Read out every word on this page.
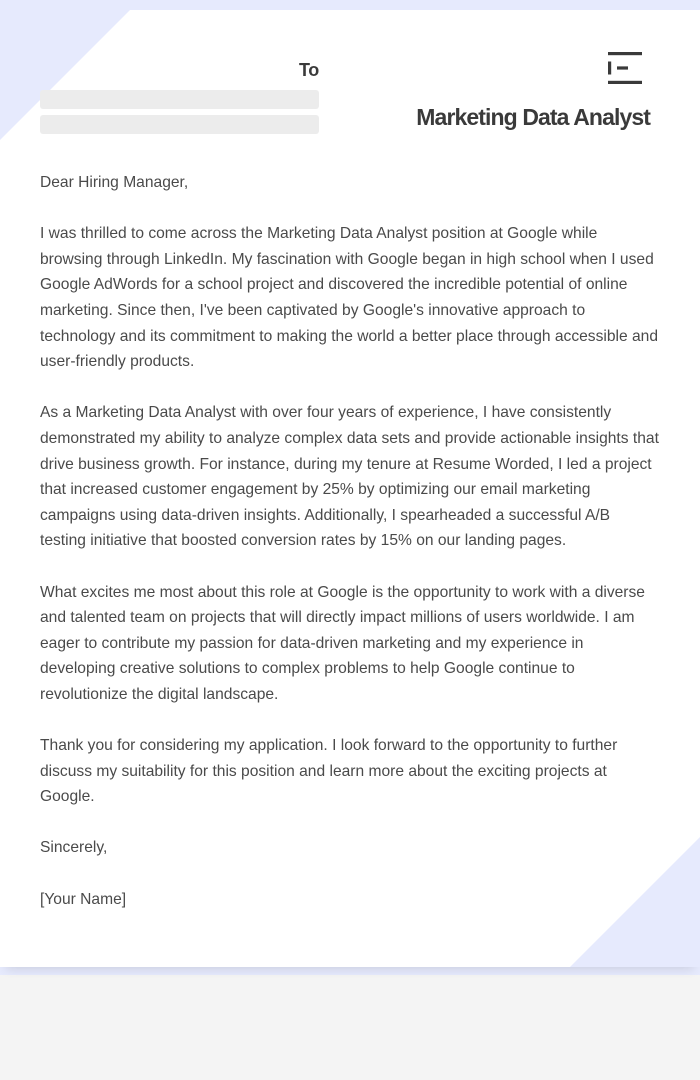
To
Marketing Data Analyst

Dear Hiring Manager,

I was thrilled to come across the Marketing Data Analyst position at Google while browsing through LinkedIn. My fascination with Google began in high school when I used Google AdWords for a school project and discovered the incredible potential of online marketing. Since then, I've been captivated by Google's innovative approach to technology and its commitment to making the world a better place through accessible and user-friendly products.

As a Marketing Data Analyst with over four years of experience, I have consistently demonstrated my ability to analyze complex data sets and provide actionable insights that drive business growth. For instance, during my tenure at Resume Worded, I led a project that increased customer engagement by 25% by optimizing our email marketing campaigns using data-driven insights. Additionally, I spearheaded a successful A/B testing initiative that boosted conversion rates by 15% on our landing pages.

What excites me most about this role at Google is the opportunity to work with a diverse and talented team on projects that will directly impact millions of users worldwide. I am eager to contribute my passion for data-driven marketing and my experience in developing creative solutions to complex problems to help Google continue to revolutionize the digital landscape.

Thank you for considering my application. I look forward to the opportunity to further discuss my suitability for this position and learn more about the exciting projects at Google.

Sincerely,

[Your Name]
